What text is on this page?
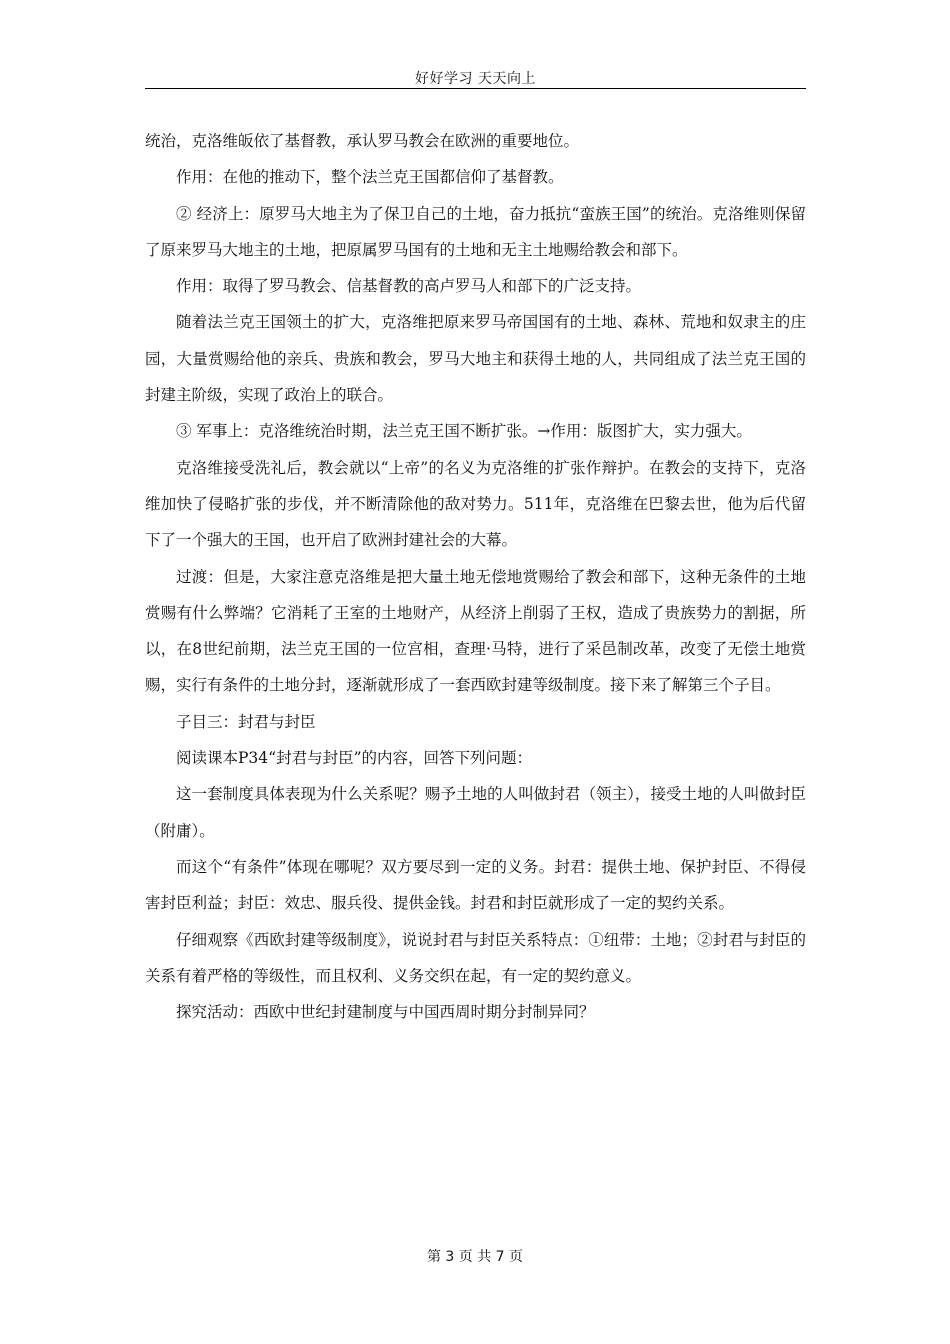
好好学习 天天向上

统治，克洛维皈依了基督教，承认罗马教会在欧洲的重要地位。

作用：在他的推动下，整个法兰克王国都信仰了基督教。

② 经济上：原罗马大地主为了保卫自己的土地，奋力抵抗“蛮族王国”的统治。克洛维则保留了原来罗马大地主的土地，把原属罗马国有的土地和无主土地赐给教会和部下。

作用：取得了罗马教会、信基督教的高卢罗马人和部下的广泛支持。

随着法兰克王国领土的扩大，克洛维把原来罗马帝国国有的土地、森林、荒地和奴隶主的庄园，大量赏赐给他的亲兵、贵族和教会，罗马大地主和获得土地的人，共同组成了法兰克王国的封建主阶级，实现了政治上的联合。

③ 军事上：克洛维统治时期，法兰克王国不断扩张。→作用：版图扩大，实力强大。

克洛维接受洗礼后，教会就以“上帝”的名义为克洛维的扩张作辩护。在教会的支持下，克洛维加快了侵略扩张的步伐，并不断清除他的敌对势力。511年，克洛维在巴黎去世，他为后代留下了一个强大的王国，也开启了欧洲封建社会的大幕。

过渡：但是，大家注意克洛维是把大量土地无偿地赏赐给了教会和部下，这种无条件的土地赏赐有什么弊端？它消耗了王室的土地财产，从经济上削弱了王权，造成了贵族势力的割据，所以，在8世纪前期，法兰克王国的一位宫相，查理·马特，进行了采邑制改革，改变了无偿土地赏赐，实行有条件的土地分封，逐渐就形成了一套西欧封建等级制度。接下来了解第三个子目。

子目三：封君与封臣

阅读课本P34“封君与封臣”的内容，回答下列问题：

这一套制度具体表现为什么关系呢？赐予土地的人叫做封君（领主），接受土地的人叫做封臣（附庸）。

而这个“有条件”体现在哪呢？双方要尽到一定的义务。封君：提供土地、保护封臣、不得侵害封臣利益；封臣：效忠、服兵役、提供金钱。封君和封臣就形成了一定的契约关系。

仔细观察《西欧封建等级制度》，说说封君与封臣关系特点：①纽带：土地；②封君与封臣的关系有着严格的等级性，而且权利、义务交织在起，有一定的契约意义。

探究活动：西欧中世纪封建制度与中国西周时期分封制异同？

第 3 页 共 7 页
